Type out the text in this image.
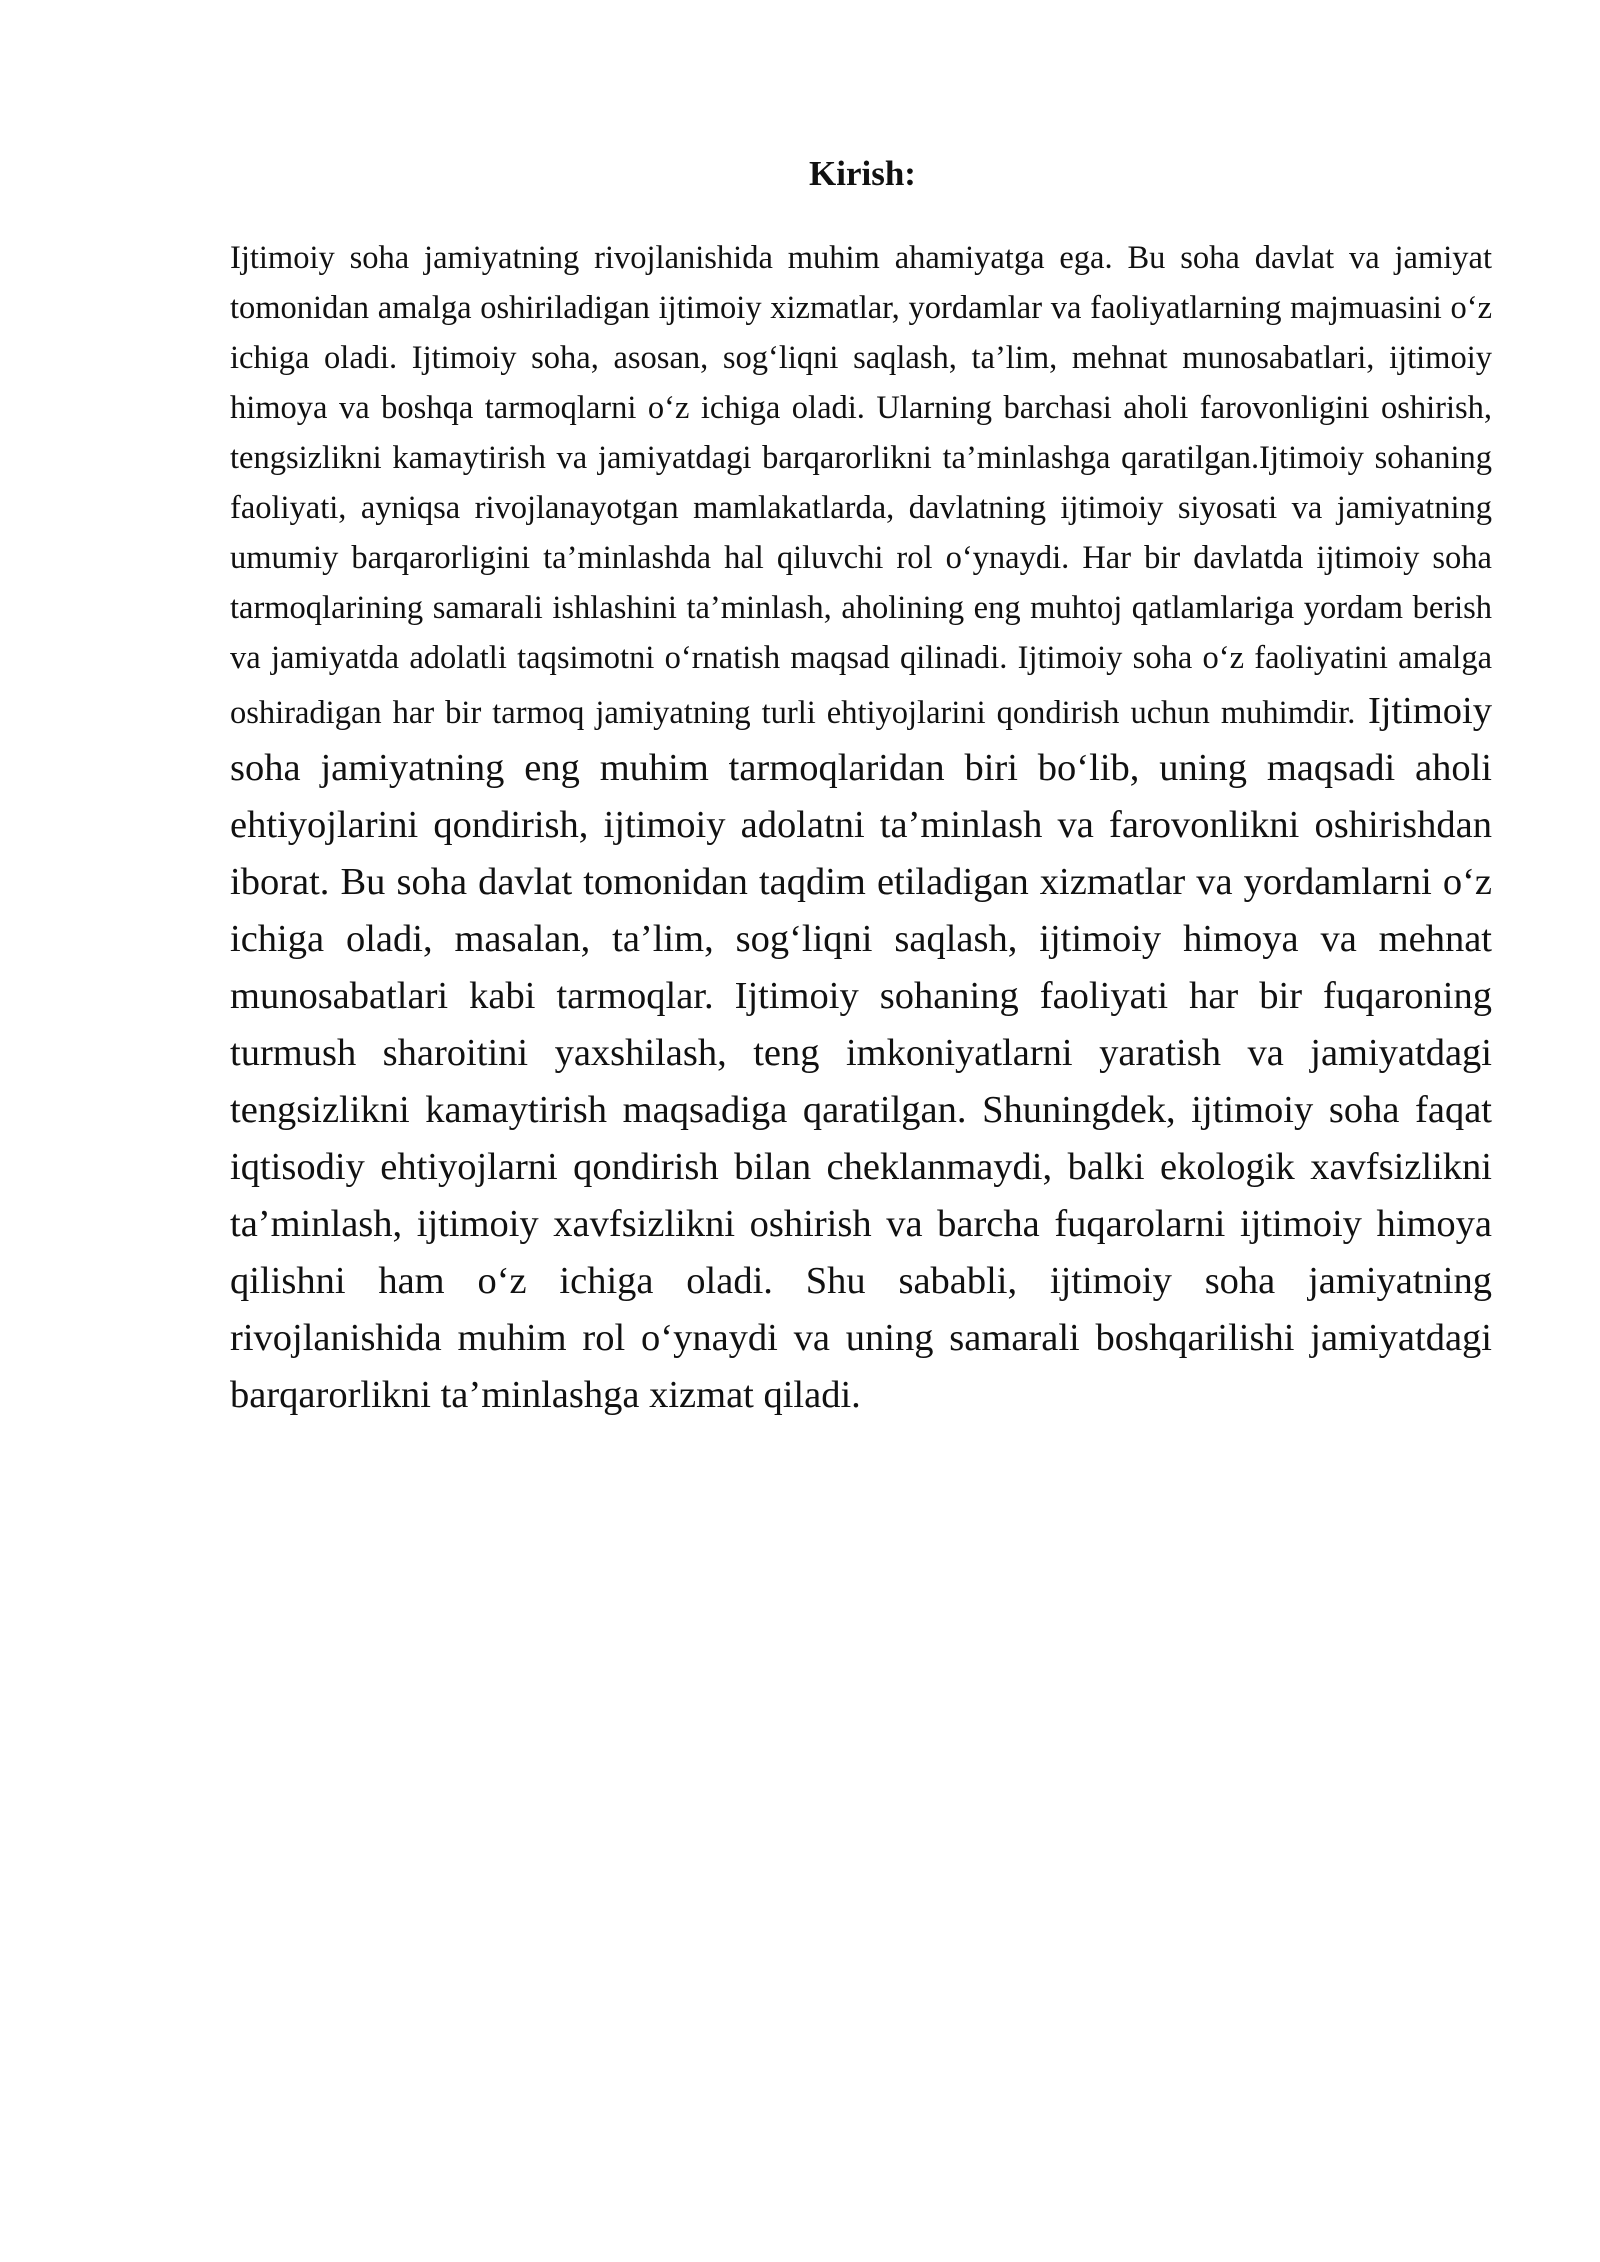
Kirish:

Ijtimoiy soha jamiyatning rivojlanishida muhim ahamiyatga ega. Bu soha davlat va jamiyat tomonidan amalga oshiriladigan ijtimoiy xizmatlar, yordamlar va faoliyatlarning majmuasini o‘z ichiga oladi. Ijtimoiy soha, asosan, sog‘liqni saqlash, ta’lim, mehnat munosabatlari, ijtimoiy himoya va boshqa tarmoqlarni o‘z ichiga oladi. Ularning barchasi aholi farovonligini oshirish, tengsizlikni kamaytirish va jamiyatdagi barqarorlikni ta’minlashga qaratilgan.Ijtimoiy sohaning faoliyati, ayniqsa rivojlanayotgan mamlakatlarda, davlatning ijtimoiy siyosati va jamiyatning umumiy barqarorligini ta’minlashda hal qiluvchi rol o‘ynaydi. Har bir davlatda ijtimoiy soha tarmoqlarining samarali ishlashini ta’minlash, aholining eng muhtoj qatlamlariga yordam berish va jamiyatda adolatli taqsimotni o‘rnatish maqsad qilinadi. Ijtimoiy soha o‘z faoliyatini amalga oshiradigan har bir tarmoq jamiyatning turli ehtiyojlarini qondirish uchun muhimdir. Ijtimoiy soha jamiyatning eng muhim tarmoqlaridan biri bo‘lib, uning maqsadi aholi ehtiyojlarini qondirish, ijtimoiy adolatni ta’minlash va farovonlikni oshirishdan iborat. Bu soha davlat tomonidan taqdim etiladigan xizmatlar va yordamlarni o‘z ichiga oladi, masalan, ta’lim, sog‘liqni saqlash, ijtimoiy himoya va mehnat munosabatlari kabi tarmoqlar. Ijtimoiy sohaning faoliyati har bir fuqaroning turmush sharoitini yaxshilash, teng imkoniyatlarni yaratish va jamiyatdagi tengsizlikni kamaytirish maqsadiga qaratilgan. Shuningdek, ijtimoiy soha faqat iqtisodiy ehtiyojlarni qondirish bilan cheklanmaydi, balki ekologik xavfsizlikni ta’minlash, ijtimoiy xavfsizlikni oshirish va barcha fuqarolarni ijtimoiy himoya qilishni ham o‘z ichiga oladi. Shu sababli, ijtimoiy soha jamiyatning rivojlanishida muhim rol o‘ynaydi va uning samarali boshqarilishi jamiyatdagi barqarorlikni ta’minlashga xizmat qiladi.
